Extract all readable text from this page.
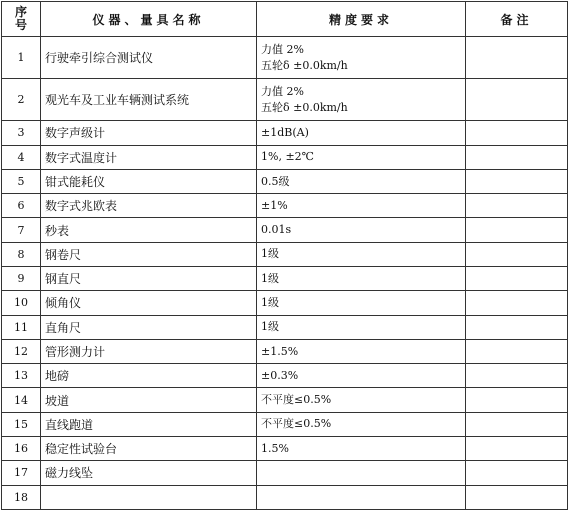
序
号	仪器、量具名称	精度要求	备注
1	行驶牵引综合测试仪	力值 2%
五轮δ ±0.0km/h	

2	观光车及工业车辆测试系统	力值 2%
五轮δ ±0.0km/h	

3	数字声级计	±1dB(A)	

4	数字式温度计	1%, ±2℃	

5	钳式能耗仪	0.5级	

6	数字式兆欧表	±1%	

7	秒表	0.01s	

8	钢卷尺	1级	

9	钢直尺	1级	

10	倾角仪	1级	

11	直角尺	1级	

12	管形测力计	±1.5%	

13	地磅	±0.3%	

14	坡道	不平度≤0.5%	

15	直线跑道	不平度≤0.5%	

16	稳定性试验台	1.5%	

17	磁力线坠	

18		
